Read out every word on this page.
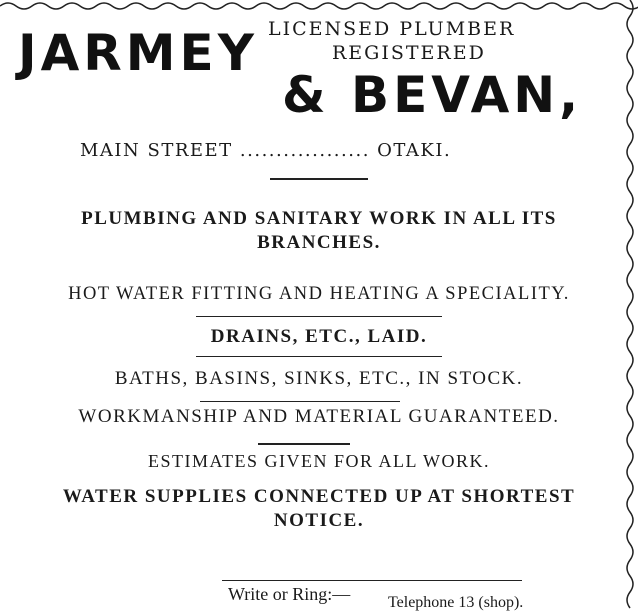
JARMEY LICENSED PLUMBER
REGISTERED
& BEVAN,
MAIN STREET .................. OTAKI.
PLUMBING AND SANITARY WORK IN ALL ITS
BRANCHES.
HOT WATER FITTING AND HEATING A SPECIALITY.
DRAINS, ETC., LAID.
BATHS, BASINS, SINKS, ETC., IN STOCK.
WORKMANSHIP AND MATERIAL GUARANTEED.
ESTIMATES GIVEN FOR ALL WORK.
WATER SUPPLIES CONNECTED UP AT SHORTEST
NOTICE.
Write or Ring:— Telephone 13 (shop).
